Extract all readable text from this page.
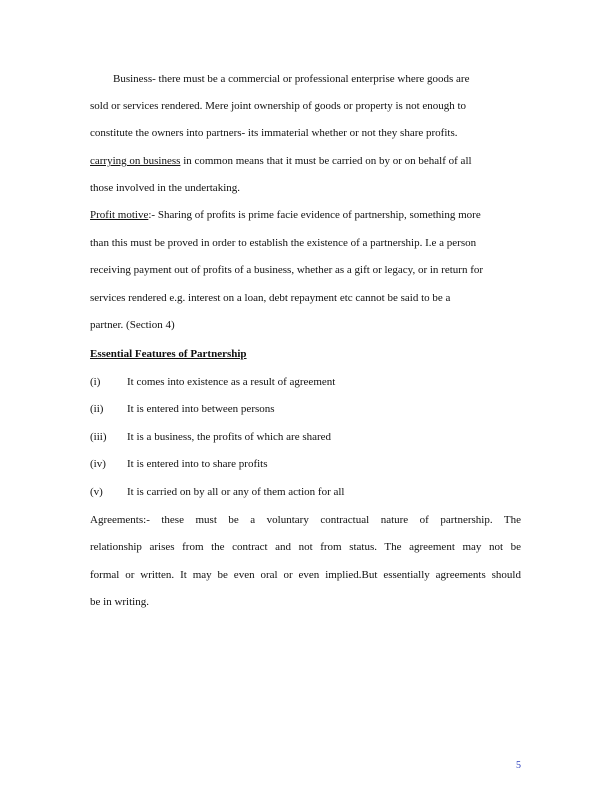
Business- there must be a commercial or professional enterprise where goods are
sold or services rendered. Mere joint ownership of goods or property is not enough to
constitute the owners into partners- its immaterial whether or not they share profits.
carrying on business in common means that it must be carried on by or on behalf of all
those involved in the undertaking.
Profit motive:- Sharing of profits is prime facie evidence of partnership, something more
than this must be proved in order to establish the existence of a partnership. I.e a person
receiving payment out of profits of a business, whether as a gift or legacy, or in return for
services rendered e.g. interest on a loan, debt repayment etc cannot be said to be a
partner. (Section 4)
Essential Features of Partnership
(i) It comes into existence as a result of agreement
(ii) It is entered into between persons
(iii) It is a business, the profits of which are shared
(iv) It is entered into to share profits
(v) It is carried on by all or any of them action for all
Agreements:- these must be a voluntary contractual nature of partnership. The
relationship arises from the contract and not from status. The agreement may not be
formal or written. It may be even oral or even implied.But essentially agreements should
be in writing.
5
